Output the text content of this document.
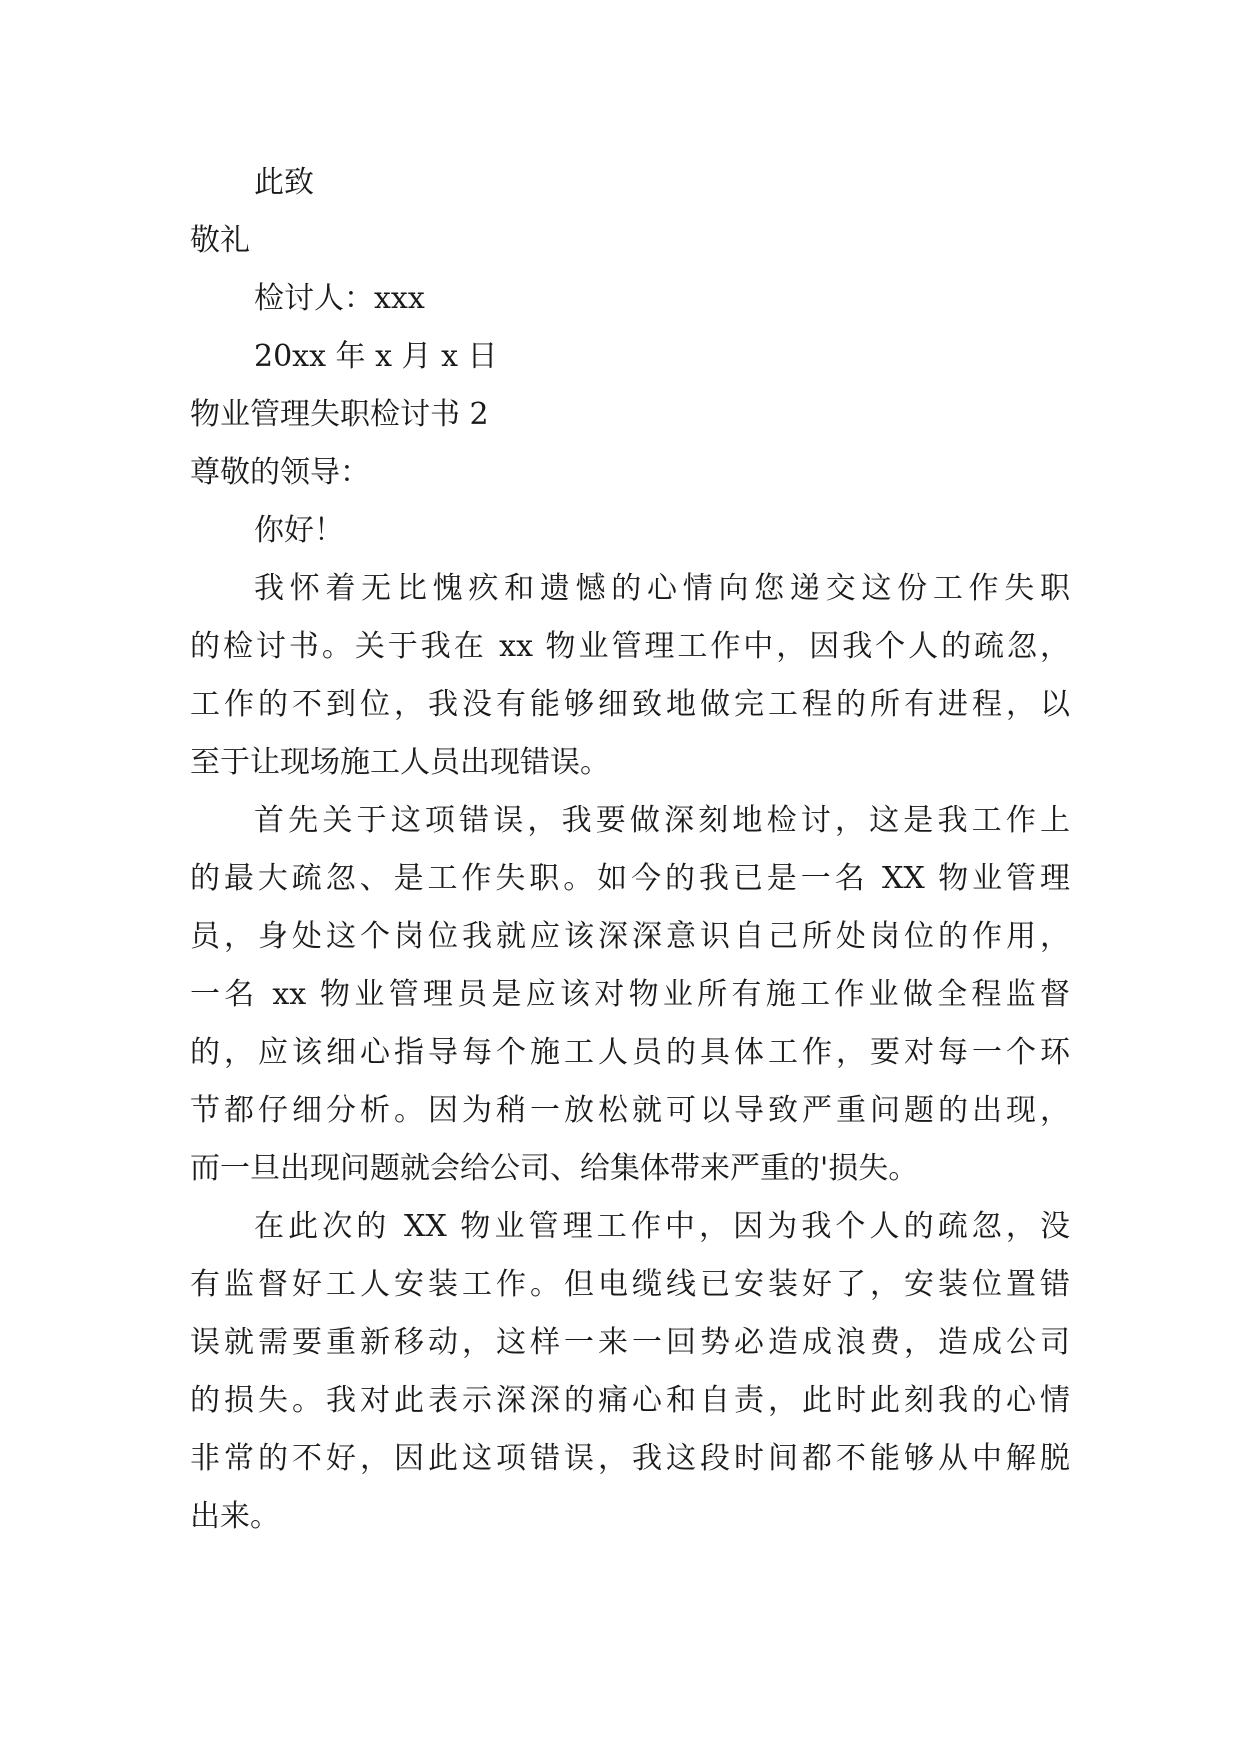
此致
敬礼
检讨人：xxx
20xx 年 x 月 x 日
物业管理失职检讨书 2
尊敬的领导：
你好！
我怀着无比愧疚和遗憾的心情向您递交这份工作失职
的检讨书。关于我在 xx 物业管理工作中，因我个人的疏忽，
工作的不到位，我没有能够细致地做完工程的所有进程，以
至于让现场施工人员出现错误。
首先关于这项错误，我要做深刻地检讨，这是我工作上
的最大疏忽、是工作失职。如今的我已是一名 XX 物业管理
员，身处这个岗位我就应该深深意识自己所处岗位的作用，
一名 xx 物业管理员是应该对物业所有施工作业做全程监督
的，应该细心指导每个施工人员的具体工作，要对每一个环
节都仔细分析。因为稍一放松就可以导致严重问题的出现，
而一旦出现问题就会给公司、给集体带来严重的'损失。
在此次的 XX 物业管理工作中，因为我个人的疏忽，没
有监督好工人安装工作。但电缆线已安装好了，安装位置错
误就需要重新移动，这样一来一回势必造成浪费，造成公司
的损失。我对此表示深深的痛心和自责，此时此刻我的心情
非常的不好，因此这项错误，我这段时间都不能够从中解脱
出来。
